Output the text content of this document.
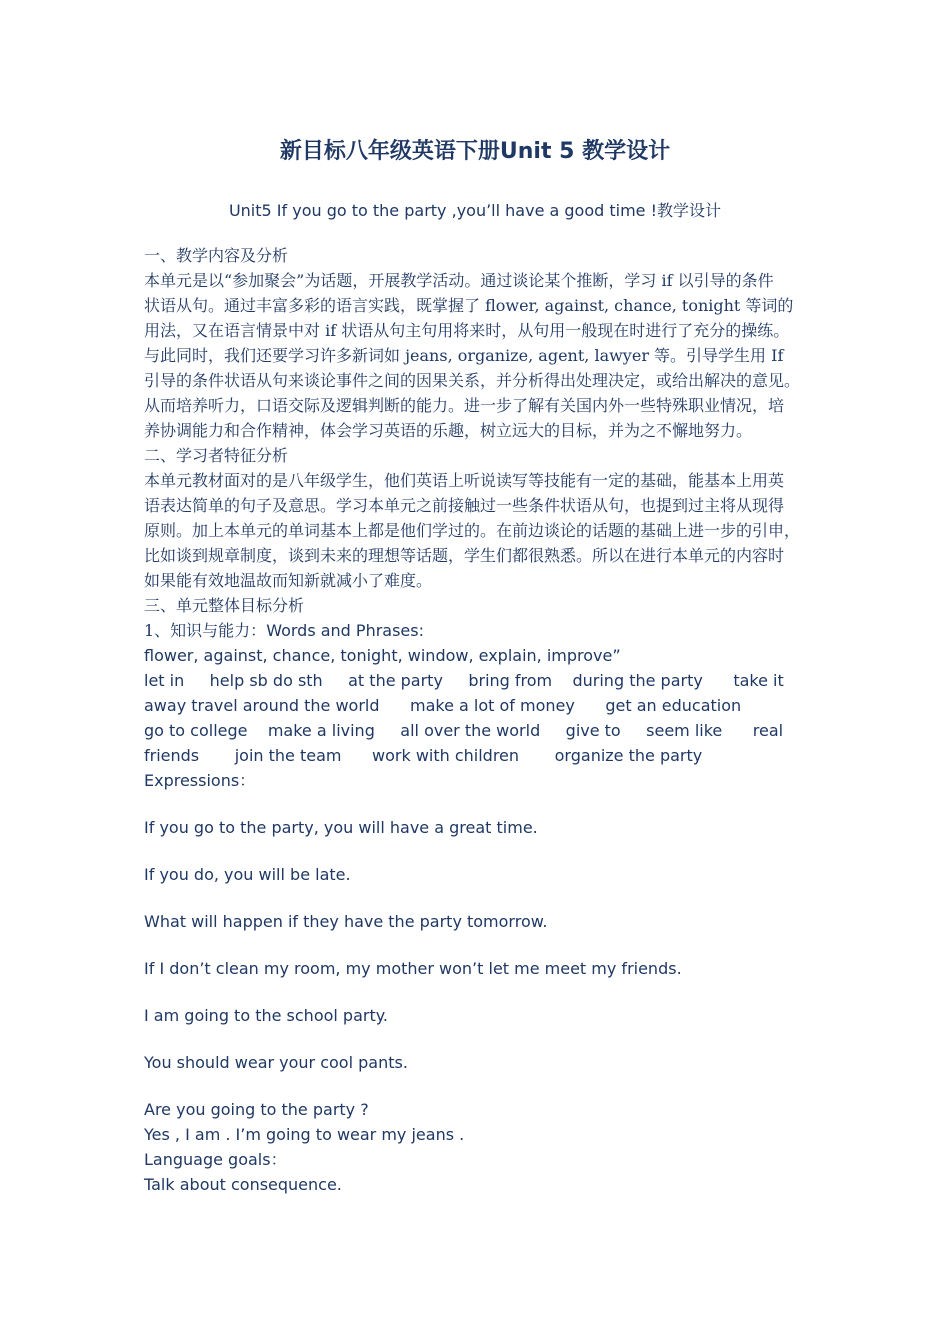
新目标八年级英语下册Unit 5 教学设计
Unit5 If you go to the party ,you’ll have a good time !教学设计
一、教学内容及分析
本单元是以“参加聚会”为话题，开展教学活动。通过谈论某个推断，学习 if 以引导的条件
状语从句。通过丰富多彩的语言实践，既掌握了 flower, against, chance, tonight 等词的
用法，又在语言情景中对 if 状语从句主句用将来时，从句用一般现在时进行了充分的操练。
与此同时，我们还要学习许多新词如 jeans, organize, agent, lawyer 等。引导学生用 If
引导的条件状语从句来谈论事件之间的因果关系，并分析得出处理决定，或给出解决的意见。
从而培养听力，口语交际及逻辑判断的能力。进一步了解有关国内外一些特殊职业情况，培
养协调能力和合作精神，体会学习英语的乐趣，树立远大的目标，并为之不懈地努力。
二、学习者特征分析
本单元教材面对的是八年级学生，他们英语上听说读写等技能有一定的基础，能基本上用英
语表达简单的句子及意思。学习本单元之前接触过一些条件状语从句，也提到过主将从现得
原则。加上本单元的单词基本上都是他们学过的。在前边谈论的话题的基础上进一步的引申，
比如谈到规章制度，谈到未来的理想等话题，学生们都很熟悉。所以在进行本单元的内容时
如果能有效地温故而知新就减小了难度。
三、单元整体目标分析
1、知识与能力：Words and Phrases:
flower, against, chance, tonight, window, explain, improve”
let in     help sb do sth     at the party     bring from    during the party      take it
away travel around the world      make a lot of money      get an education
go to college    make a living     all over the world     give to     seem like      real
friends       join the team      work with children       organize the party
Expressions：
If you go to the party, you will have a great time.
If you do, you will be late.
What will happen if they have the party tomorrow.
If I don’t clean my room, my mother won’t let me meet my friends.
I am going to the school party.
You should wear your cool pants.
Are you going to the party ?
Yes , I am . I’m going to wear my jeans .
Language goals：
Talk about consequence.
